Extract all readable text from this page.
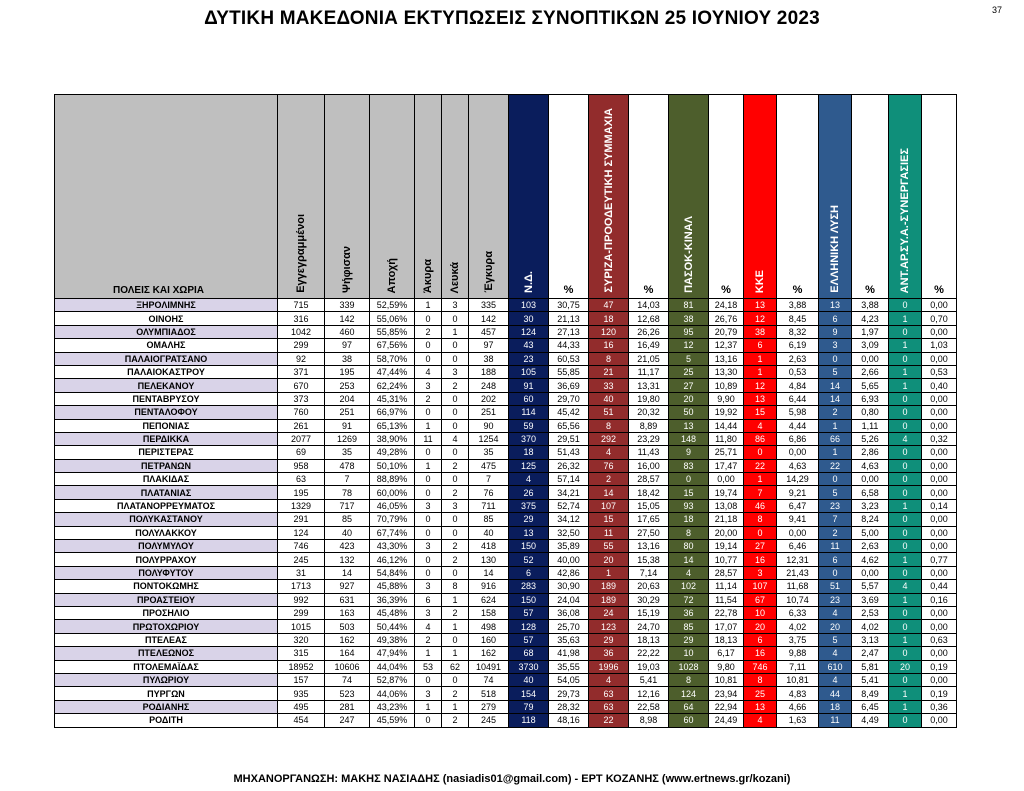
37
ΔΥΤΙΚΗ ΜΑΚΕΔΟΝΙΑ ΕΚΤΥΠΩΣΕΙΣ ΣΥΝΟΠΤΙΚΩΝ 25 ΙΟΥΝΙΟΥ 2023
ΠΟΛΕΙΣ ΚΑΙ ΧΩΡΙΑ	Εγγεγραμμένοι	Ψήφισαν	Αποχή	Άκυρα	Λευκά	Έγκυρα	Ν.Δ.	%	ΣΥΡΙΖΑ-ΠΡΟΟΔΕΥΤΙΚΗ ΣΥΜΜΑΧΙΑ	%	ΠΑΣΟΚ-ΚΙΝΑΛ	%	ΚΚΕ	%	ΕΛΛΗΝΙΚΗ ΛΥΣΗ	%	ΑΝΤ.ΑΡ.ΣΥ.Α.-ΣΥΝΕΡΓΑΣΙΕΣ	%
ΞΗΡΟΛΙΜΝΗΣ	715	339	52,59%	1	3	335	103	30,75	47	14,03	81	24,18	13	3,88	13	3,88	0	0,00
ΟΙΝΟΗΣ	316	142	55,06%	0	0	142	30	21,13	18	12,68	38	26,76	12	8,45	6	4,23	1	0,70
ΟΛΥΜΠΙΑΔΟΣ	1042	460	55,85%	2	1	457	124	27,13	120	26,26	95	20,79	38	8,32	9	1,97	0	0,00
ΟΜΑΛΗΣ	299	97	67,56%	0	0	97	43	44,33	16	16,49	12	12,37	6	6,19	3	3,09	1	1,03
ΠΑΛΑΙΟΓΡΑΤΣΑΝΟ	92	38	58,70%	0	0	38	23	60,53	8	21,05	5	13,16	1	2,63	0	0,00	0	0,00
ΠΑΛΑΙΟΚΑΣΤΡΟΥ	371	195	47,44%	4	3	188	105	55,85	21	11,17	25	13,30	1	0,53	5	2,66	1	0,53
ΠΕΛΕΚΑΝΟΥ	670	253	62,24%	3	2	248	91	36,69	33	13,31	27	10,89	12	4,84	14	5,65	1	0,40
ΠΕΝΤΑΒΡΥΣΟΥ	373	204	45,31%	2	0	202	60	29,70	40	19,80	20	9,90	13	6,44	14	6,93	0	0,00
ΠΕΝΤΑΛΟΦΟΥ	760	251	66,97%	0	0	251	114	45,42	51	20,32	50	19,92	15	5,98	2	0,80	0	0,00
ΠΕΠΟΝΙΑΣ	261	91	65,13%	1	0	90	59	65,56	8	8,89	13	14,44	4	4,44	1	1,11	0	0,00
ΠΕΡΔΙΚΚΑ	2077	1269	38,90%	11	4	1254	370	29,51	292	23,29	148	11,80	86	6,86	66	5,26	4	0,32
ΠΕΡΙΣΤΕΡΑΣ	69	35	49,28%	0	0	35	18	51,43	4	11,43	9	25,71	0	0,00	1	2,86	0	0,00
ΠΕΤΡΑΝΩΝ	958	478	50,10%	1	2	475	125	26,32	76	16,00	83	17,47	22	4,63	22	4,63	0	0,00
ΠΛΑΚΙΔΑΣ	63	7	88,89%	0	0	7	4	57,14	2	28,57	0	0,00	1	14,29	0	0,00	0	0,00
ΠΛΑΤΑΝΙΑΣ	195	78	60,00%	0	2	76	26	34,21	14	18,42	15	19,74	7	9,21	5	6,58	0	0,00
ΠΛΑΤΑΝΟΡΡΕΥΜΑΤΟΣ	1329	717	46,05%	3	3	711	375	52,74	107	15,05	93	13,08	46	6,47	23	3,23	1	0,14
ΠΟΛΥΚΑΣΤΑΝΟΥ	291	85	70,79%	0	0	85	29	34,12	15	17,65	18	21,18	8	9,41	7	8,24	0	0,00
ΠΟΛΥΛΑΚΚΟΥ	124	40	67,74%	0	0	40	13	32,50	11	27,50	8	20,00	0	0,00	2	5,00	0	0,00
ΠΟΛΥΜΥΛΟΥ	746	423	43,30%	3	2	418	150	35,89	55	13,16	80	19,14	27	6,46	11	2,63	0	0,00
ΠΟΛΥΡΡΑΧΟΥ	245	132	46,12%	0	2	130	52	40,00	20	15,38	14	10,77	16	12,31	6	4,62	1	0,77
ΠΟΛΥΦΥΤΟΥ	31	14	54,84%	0	0	14	6	42,86	1	7,14	4	28,57	3	21,43	0	0,00	0	0,00
ΠΟΝΤΟΚΩΜΗΣ	1713	927	45,88%	3	8	916	283	30,90	189	20,63	102	11,14	107	11,68	51	5,57	4	0,44
ΠΡΟΑΣΤΕΙΟΥ	992	631	36,39%	6	1	624	150	24,04	189	30,29	72	11,54	67	10,74	23	3,69	1	0,16
ΠΡΟΣΗΛΙΟ	299	163	45,48%	3	2	158	57	36,08	24	15,19	36	22,78	10	6,33	4	2,53	0	0,00
ΠΡΩΤΟΧΩΡΙΟΥ	1015	503	50,44%	4	1	498	128	25,70	123	24,70	85	17,07	20	4,02	20	4,02	0	0,00
ΠΤΕΛΕΑΣ	320	162	49,38%	2	0	160	57	35,63	29	18,13	29	18,13	6	3,75	5	3,13	1	0,63
ΠΤΕΛΕΩΝΟΣ	315	164	47,94%	1	1	162	68	41,98	36	22,22	10	6,17	16	9,88	4	2,47	0	0,00
ΠΤΟΛΕΜΑΪΔΑΣ	18952	10606	44,04%	53	62	10491	3730	35,55	1996	19,03	1028	9,80	746	7,11	610	5,81	20	0,19
ΠΥΛΩΡΙΟΥ	157	74	52,87%	0	0	74	40	54,05	4	5,41	8	10,81	8	10,81	4	5,41	0	0,00
ΠΥΡΓΩΝ	935	523	44,06%	3	2	518	154	29,73	63	12,16	124	23,94	25	4,83	44	8,49	1	0,19
ΡΟΔΙΑΝΗΣ	495	281	43,23%	1	1	279	79	28,32	63	22,58	64	22,94	13	4,66	18	6,45	1	0,36
ΡΟΔΙΤΗ	454	247	45,59%	0	2	245	118	48,16	22	8,98	60	24,49	4	1,63	11	4,49	0	0,00
ΜΗΧΑΝΟΡΓΑΝΩΣΗ: ΜΑΚΗΣ ΝΑΣΙΑΔΗΣ (nasiadis01@gmail.com) - ΕΡΤ ΚΟΖΑΝΗΣ (www.ertnews.gr/kozani)
